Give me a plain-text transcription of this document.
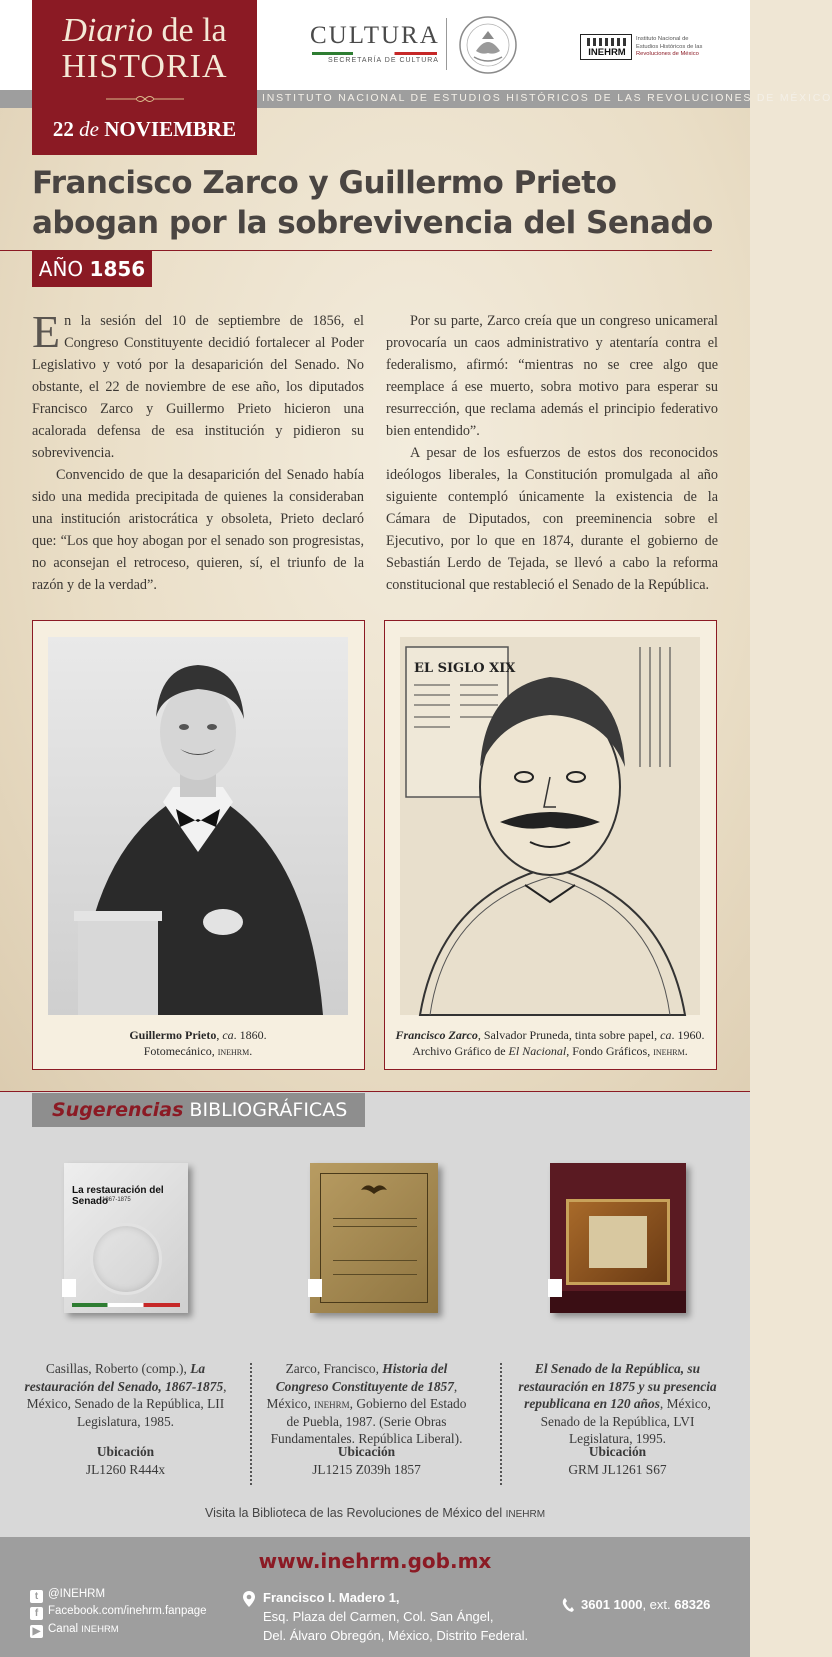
INSTITUTO NACIONAL DE ESTUDIOS HISTÓRICOS DE LAS REVOLUCIONES DE MÉXICO
CULTURA
SECRETARÍA DE CULTURA
INEHRM
Instituto Nacional de
Estudios Históricos de las
Revoluciones de México
Diario de la
HISTORIA
22 de NOVIEMBRE
Francisco Zarco y Guillermo Prieto
abogan por la sobrevivencia del Senado
AÑO 1856

En la sesión del 10 de septiembre de 1856, el Congreso Constituyente decidió fortalecer al Poder Legislativo y votó por la desaparición del Senado. No obstante, el 22 de noviembre de ese año, los diputados Francisco Zarco y Guillermo Prieto hicieron una acalorada defensa de esa institución y pidieron su sobrevivencia.

Convencido de que la desaparición del Senado había sido una medida precipitada de quienes la consideraban una institución aristocrática y obsoleta, Prieto declaró que: “Los que hoy abogan por el senado son progresistas, no aconsejan el retroceso, quieren, sí, el triunfo de la razón y de la verdad”.

Por su parte, Zarco creía que un congreso unicameral provocaría un caos administrativo y atentaría contra el federalismo, afirmó: “mientras no se cree algo que reemplace á ese muerto, sobra motivo para esperar su resurrección, que reclama además el principio federativo bien entendido”.

A pesar de los esfuerzos de estos dos reconocidos ideólogos liberales, la Constitución promulgada al año siguiente contempló únicamente la existencia de la Cámara de Diputados, con preeminencia sobre el Ejecutivo, por lo que en 1874, durante el gobierno de Sebastián Lerdo de Tejada, se llevó a cabo la reforma constitucional que restableció el Senado de la República.

Guillermo Prieto, ca. 1860.
Fotomecánico, inehrm.
EL SIGLO XIX
Francisco Zarco, Salvador Pruneda, tinta sobre papel, ca. 1960.
Archivo Gráfico de El Nacional, Fondo Gráficos, inehrm.
Sugerencias BIBLIOGRÁFICAS
La restauración del Senado
1867-1875
Casillas, Roberto (comp.), La restauración del Senado, 1867-1875, México, Senado de la República, LII Legislatura, 1985.
Zarco, Francisco, Historia del Congreso Constituyente de 1857, México, inehrm, Gobierno del Estado de Puebla, 1987. (Serie Obras Fundamentales. República Liberal).
El Senado de la República, su restauración en 1875 y su presencia republicana en 120 años, México, Senado de la República, LVI Legislatura, 1995.
Ubicación
JL1260 R444x
Ubicación
JL1215 Z039h 1857
Ubicación
GRM JL1261 S67
Visita la Biblioteca de las Revoluciones de México del INEHRM
www.inehrm.gob.mx
t @INEHRM
f Facebook.com/inehrm.fanpage
▶ Canal INEHRM
Francisco I. Madero 1,
Esq. Plaza del Carmen, Col. San Ángel,
Del. Álvaro Obregón, México, Distrito Federal.
3601 1000, ext. 68326
